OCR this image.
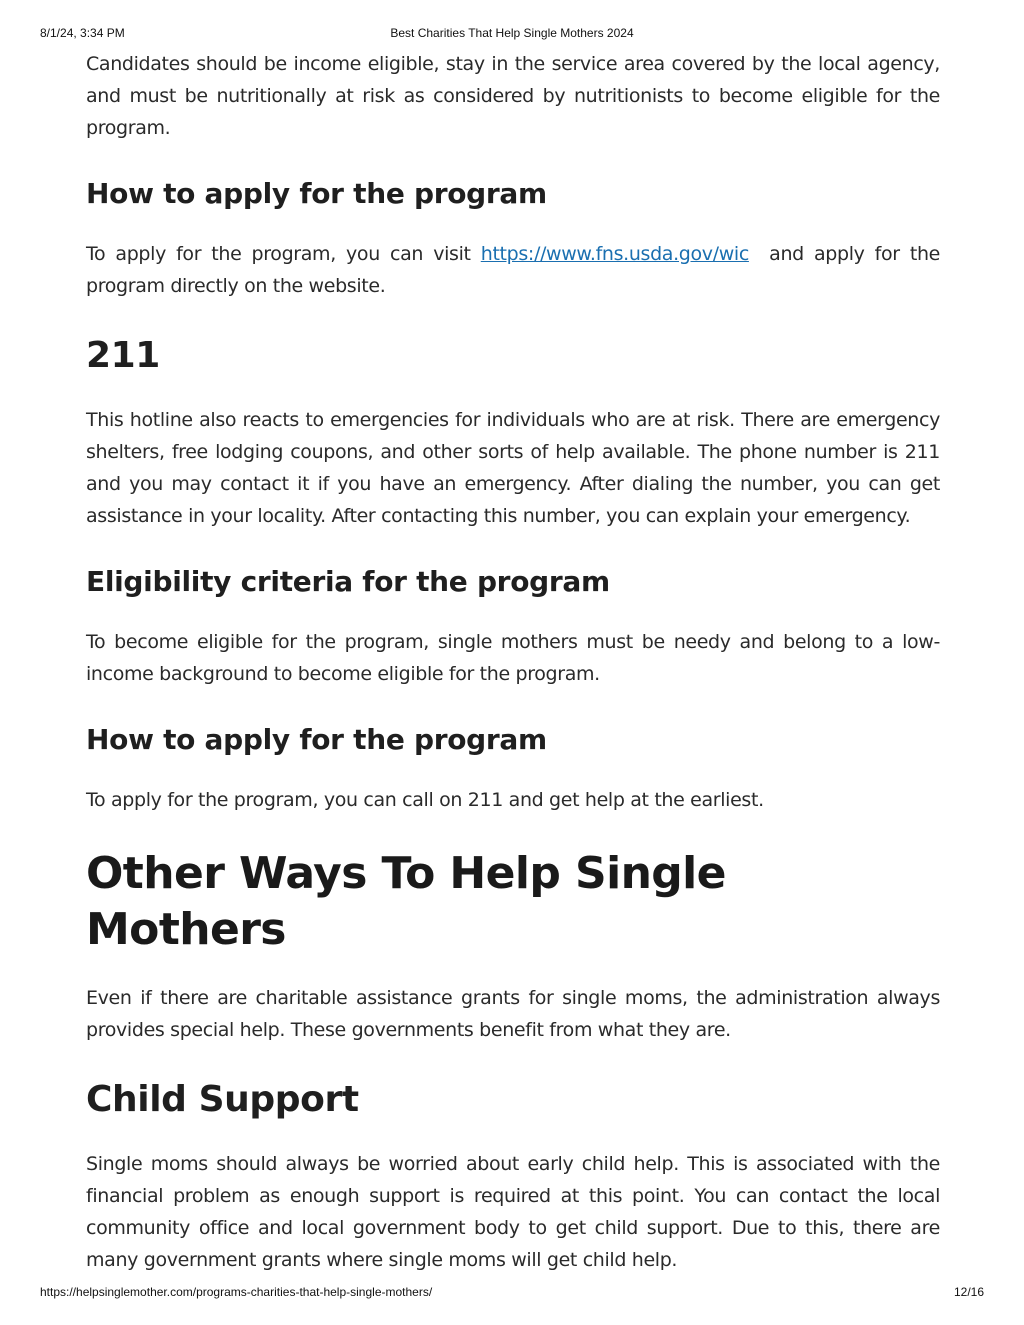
8/1/24, 3:34 PM	Best Charities That Help Single Mothers 2024

Candidates should be income eligible, stay in the service area covered by the local agency, and must be nutritionally at risk as considered by nutritionists to become eligible for the program.

How to apply for the program

To apply for the program, you can visit https://www.fns.usda.gov/wic  and apply for the program directly on the website.

211

This hotline also reacts to emergencies for individuals who are at risk. There are emergency shelters, free lodging coupons, and other sorts of help available. The phone number is 211 and you may contact it if you have an emergency. After dialing the number, you can get assistance in your locality. After contacting this number, you can explain your emergency.

Eligibility criteria for the program

To become eligible for the program, single mothers must be needy and belong to a low-income background to become eligible for the program.

How to apply for the program

To apply for the program, you can call on 211 and get help at the earliest.

Other Ways To Help Single Mothers

Even if there are charitable assistance grants for single moms, the administration always provides special help. These governments benefit from what they are.

Child Support

Single moms should always be worried about early child help. This is associated with the financial problem as enough support is required at this point. You can contact the local community office and local government body to get child support. Due to this, there are many government grants where single moms will get child help.

https://helpsinglemother.com/programs-charities-that-help-single-mothers/	12/16
